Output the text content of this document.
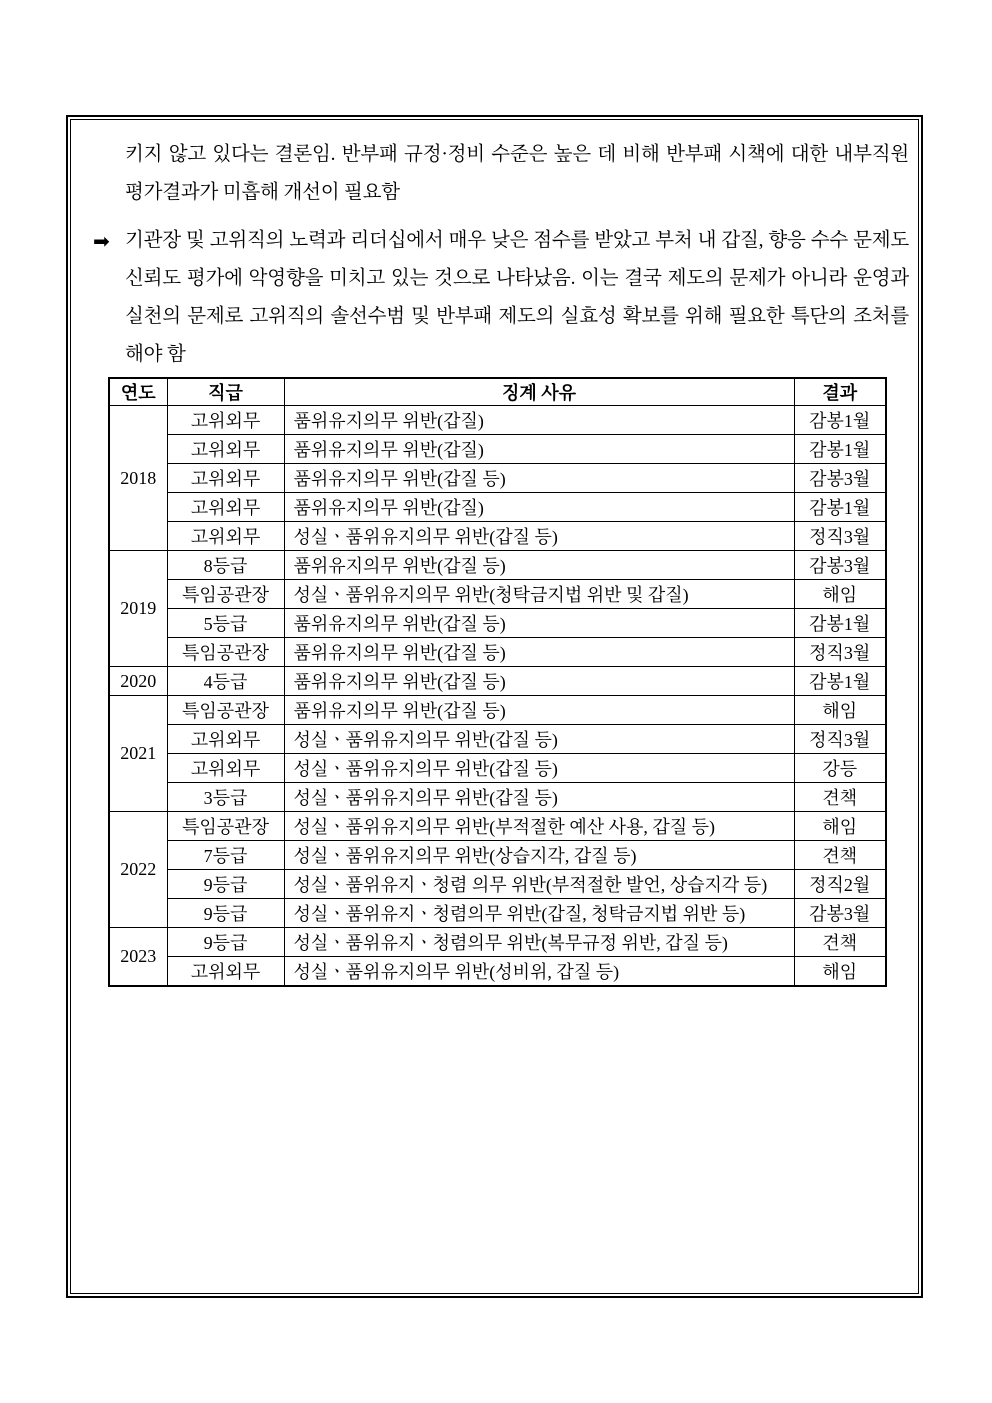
키지 않고 있다는 결론임. 반부패 규정·정비 수준은 높은 데 비해 반부패 시책에 대한 내부직원 평가결과가 미흡해 개선이 필요함
➡ 기관장 및 고위직의 노력과 리더십에서 매우 낮은 점수를 받았고 부처 내 갑질, 향응 수수 문제도 신뢰도 평가에 악영향을 미치고 있는 것으로 나타났음. 이는 결국 제도의 문제가 아니라 운영과 실천의 문제로 고위직의 솔선수범 및 반부패 제도의 실효성 확보를 위해 필요한 특단의 조처를 해야 함
연도	직급	징계 사유	결과
2018	고위외무	품위유지의무 위반(갑질)	감봉1월
	고위외무	품위유지의무 위반(갑질)	감봉1월
	고위외무	품위유지의무 위반(갑질 등)	감봉3월
	고위외무	품위유지의무 위반(갑질)	감봉1월
	고위외무	성실ㆍ품위유지의무 위반(갑질 등)	정직3월
2019	8등급	품위유지의무 위반(갑질 등)	감봉3월
	특임공관장	성실ㆍ품위유지의무 위반(청탁금지법 위반 및 갑질)	해임
	5등급	품위유지의무 위반(갑질 등)	감봉1월
	특임공관장	품위유지의무 위반(갑질 등)	정직3월
2020	4등급	품위유지의무 위반(갑질 등)	감봉1월
2021	특임공관장	품위유지의무 위반(갑질 등)	해임
	고위외무	성실ㆍ품위유지의무 위반(갑질 등)	정직3월
	고위외무	성실ㆍ품위유지의무 위반(갑질 등)	강등
	3등급	성실ㆍ품위유지의무 위반(갑질 등)	견책
2022	특임공관장	성실ㆍ품위유지의무 위반(부적절한 예산 사용, 갑질 등)	해임
	7등급	성실ㆍ품위유지의무 위반(상습지각, 갑질 등)	견책
	9등급	성실ㆍ품위유지ㆍ청렴 의무 위반(부적절한 발언, 상습지각 등)	정직2월
	9등급	성실ㆍ품위유지ㆍ청렴의무 위반(갑질, 청탁금지법 위반 등)	감봉3월
2023	9등급	성실ㆍ품위유지ㆍ청렴의무 위반(복무규정 위반, 갑질 등)	견책
	고위외무	성실ㆍ품위유지의무 위반(성비위, 갑질 등)	해임
